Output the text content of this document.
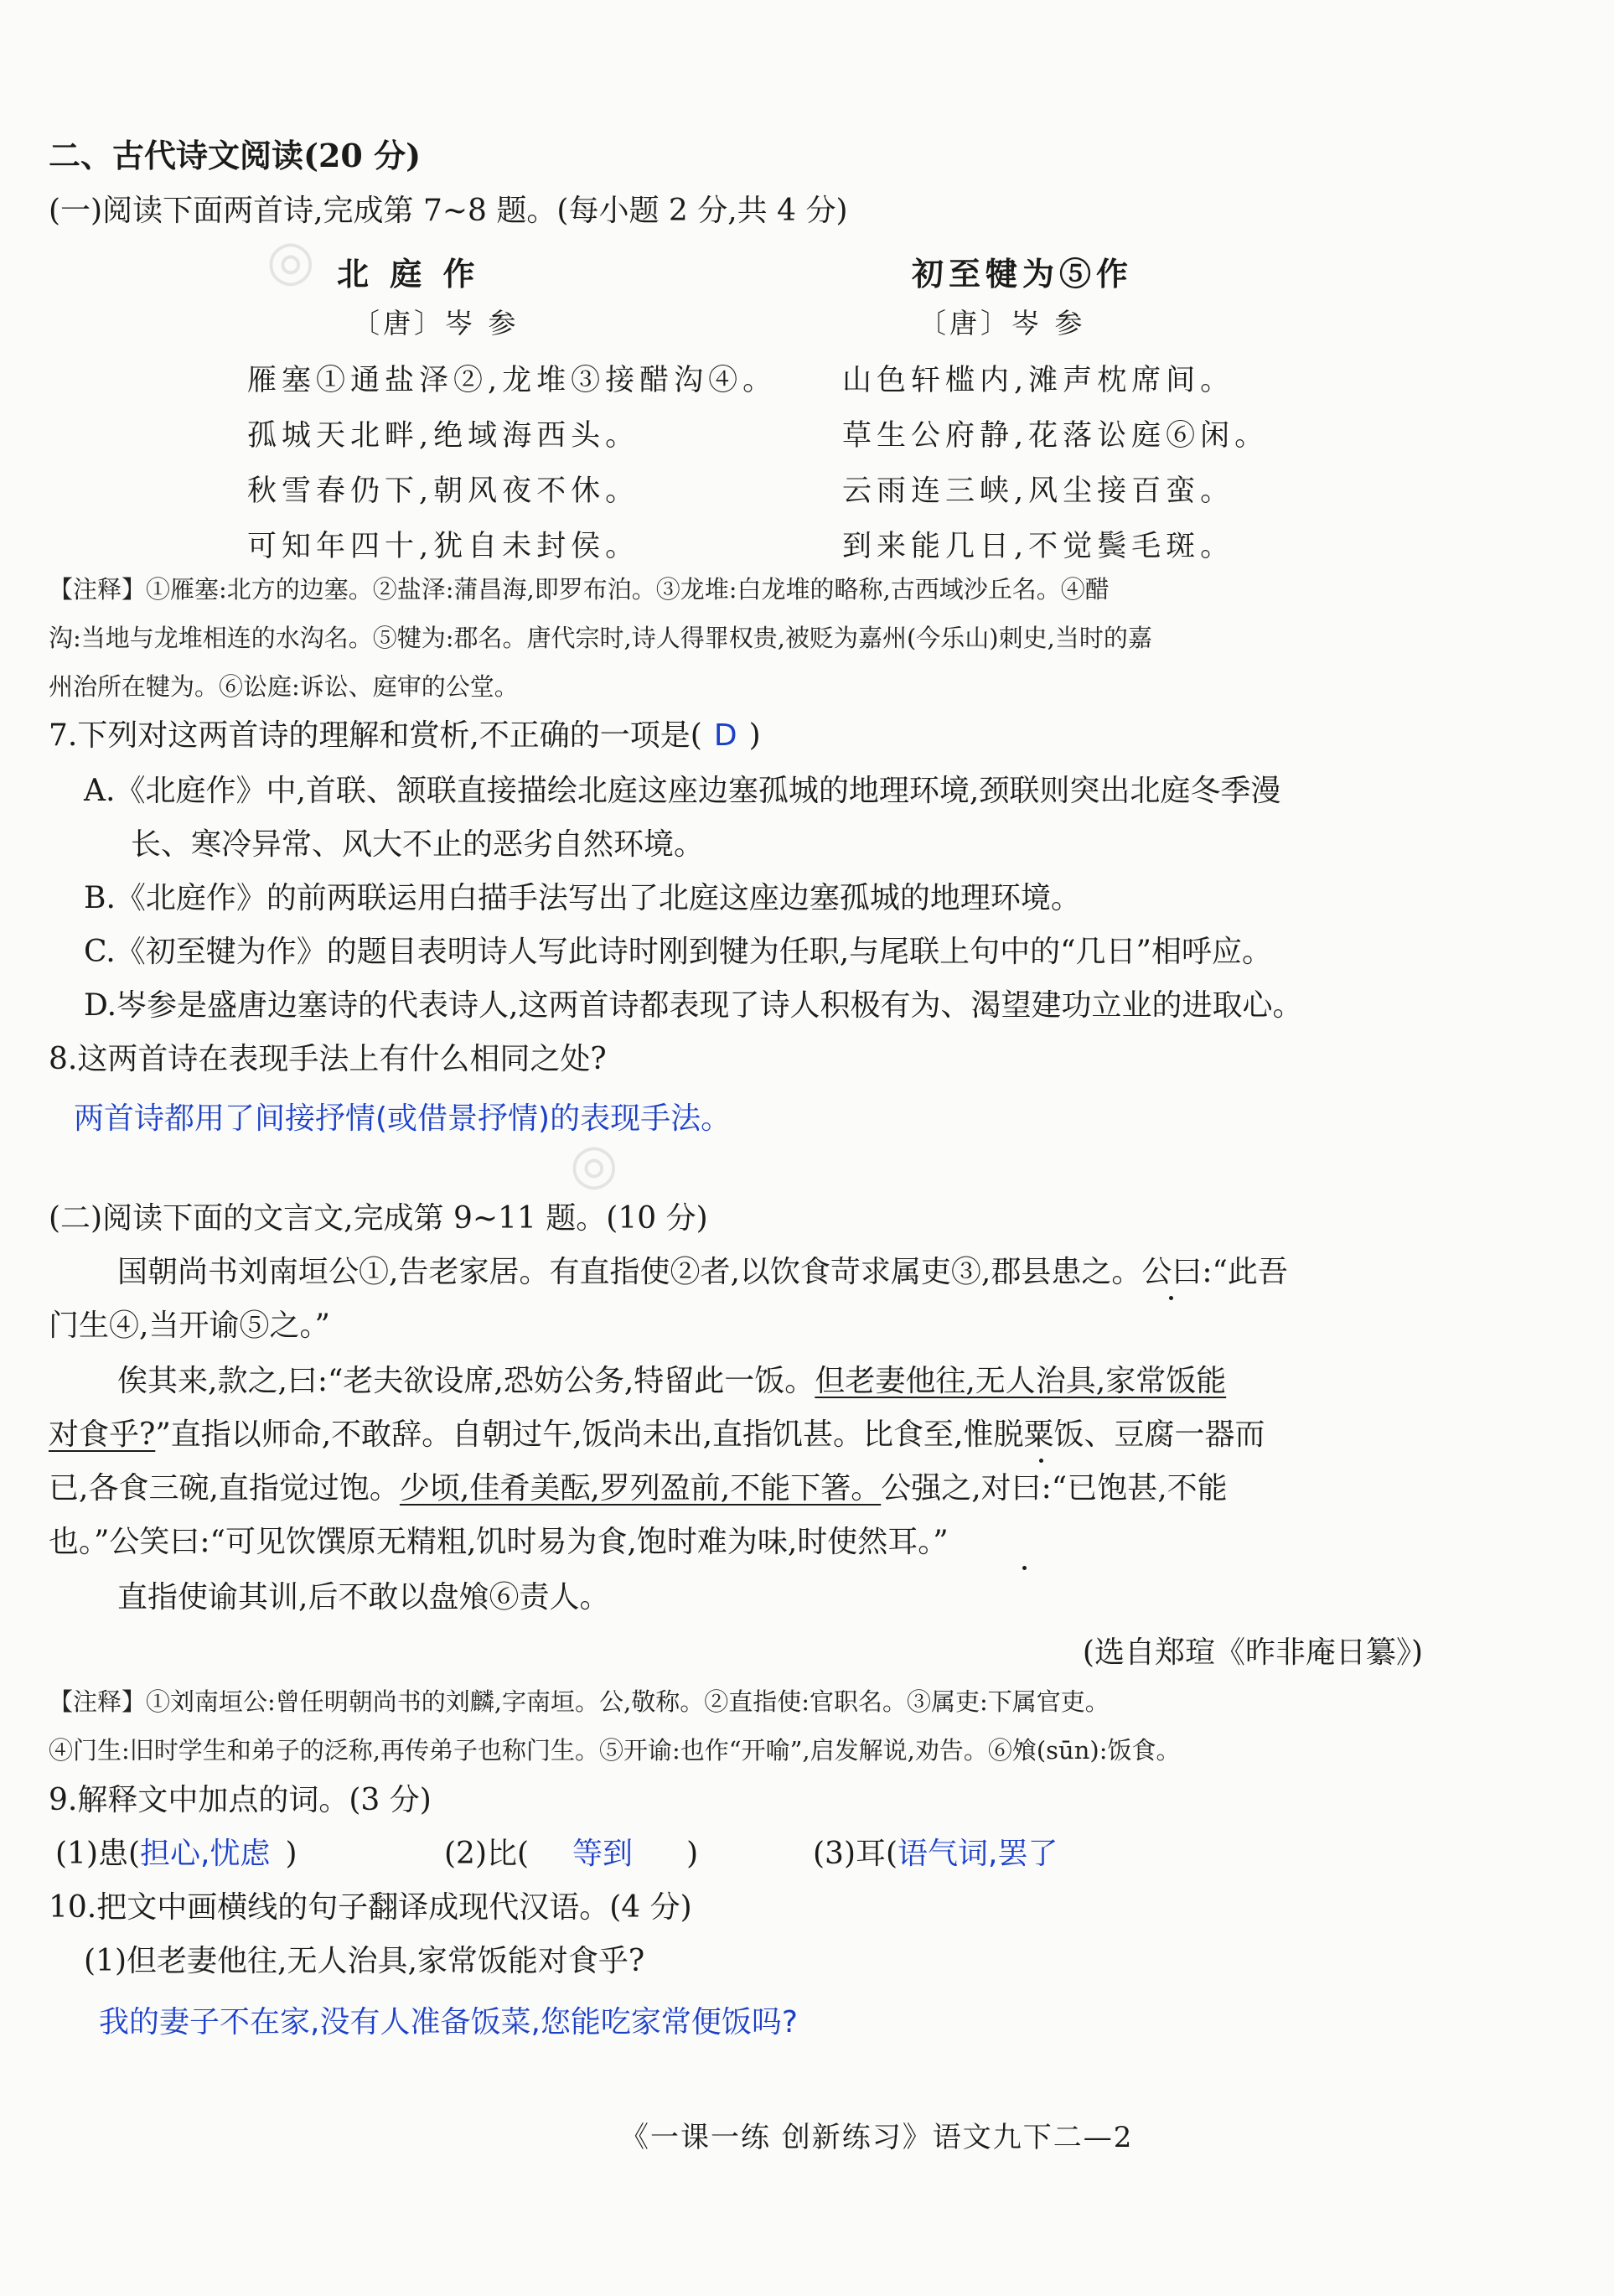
◎
◎
二、古代诗文阅读(20 分)
(一)阅读下面两首诗,完成第 7~8 题。(每小题 2 分,共 4 分)
北 庭 作
〔唐〕岑 参
雁塞①通盐泽②,龙堆③接醋沟④。
孤城天北畔,绝域海西头。
秋雪春仍下,朝风夜不休。
可知年四十,犹自未封侯。
初至犍为⑤作
〔唐〕岑 参
山色轩槛内,滩声枕席间。
草生公府静,花落讼庭⑥闲。
云雨连三峡,风尘接百蛮。
到来能几日,不觉鬓毛斑。
【注释】①雁塞:北方的边塞。②盐泽:蒲昌海,即罗布泊。③龙堆:白龙堆的略称,古西域沙丘名。④醋
沟:当地与龙堆相连的水沟名。⑤犍为:郡名。唐代宗时,诗人得罪权贵,被贬为嘉州(今乐山)刺史,当时的嘉
州治所在犍为。⑥讼庭:诉讼、庭审的公堂。
7.下列对这两首诗的理解和赏析,不正确的一项是( D )
A.《北庭作》中,首联、颔联直接描绘北庭这座边塞孤城的地理环境,颈联则突出北庭冬季漫
长、寒冷异常、风大不止的恶劣自然环境。
B.《北庭作》的前两联运用白描手法写出了北庭这座边塞孤城的地理环境。
C.《初至犍为作》的题目表明诗人写此诗时刚到犍为任职,与尾联上句中的“几日”相呼应。
D.岑参是盛唐边塞诗的代表诗人,这两首诗都表现了诗人积极有为、渴望建功立业的进取心。
8.这两首诗在表现手法上有什么相同之处?
两首诗都用了间接抒情(或借景抒情)的表现手法。
(二)阅读下面的文言文,完成第 9~11 题。(10 分)
国朝尚书刘南垣公①,告老家居。有直指使②者,以饮食苛求属吏③,郡县患之。公曰:“此吾
门生④,当开谕⑤之。”
俟其来,款之,曰:“老夫欲设席,恐妨公务,特留此一饭。但老妻他往,无人治具,家常饭能
对食乎?”直指以师命,不敢辞。自朝过午,饭尚未出,直指饥甚。比食至,惟脱粟饭、豆腐一器而
已,各食三碗,直指觉过饱。少顷,佳肴美酝,罗列盈前,不能下箸。公强之,对曰:“已饱甚,不能
也。”公笑曰:“可见饮馔原无精粗,饥时易为食,饱时难为味,时使然耳。”
直指使谕其训,后不敢以盘飧⑥责人。
(选自郑瑄《昨非庵日纂》)
【注释】①刘南垣公:曾任明朝尚书的刘麟,字南垣。公,敬称。②直指使:官职名。③属吏:下属官吏。
④门生:旧时学生和弟子的泛称,再传弟子也称门生。⑤开谕:也作“开喻”,启发解说,劝告。⑥飧(sūn):饭食。
9.解释文中加点的词。(3 分)
(1)患(担心,忧虑 )	(2)比( 等到 )	(3)耳(语气词,罢了
10.把文中画横线的句子翻译成现代汉语。(4 分)
(1)但老妻他往,无人治具,家常饭能对食乎?
我的妻子不在家,没有人准备饭菜,您能吃家常便饭吗?
《一课一练 创新练习》语文九下二—2
